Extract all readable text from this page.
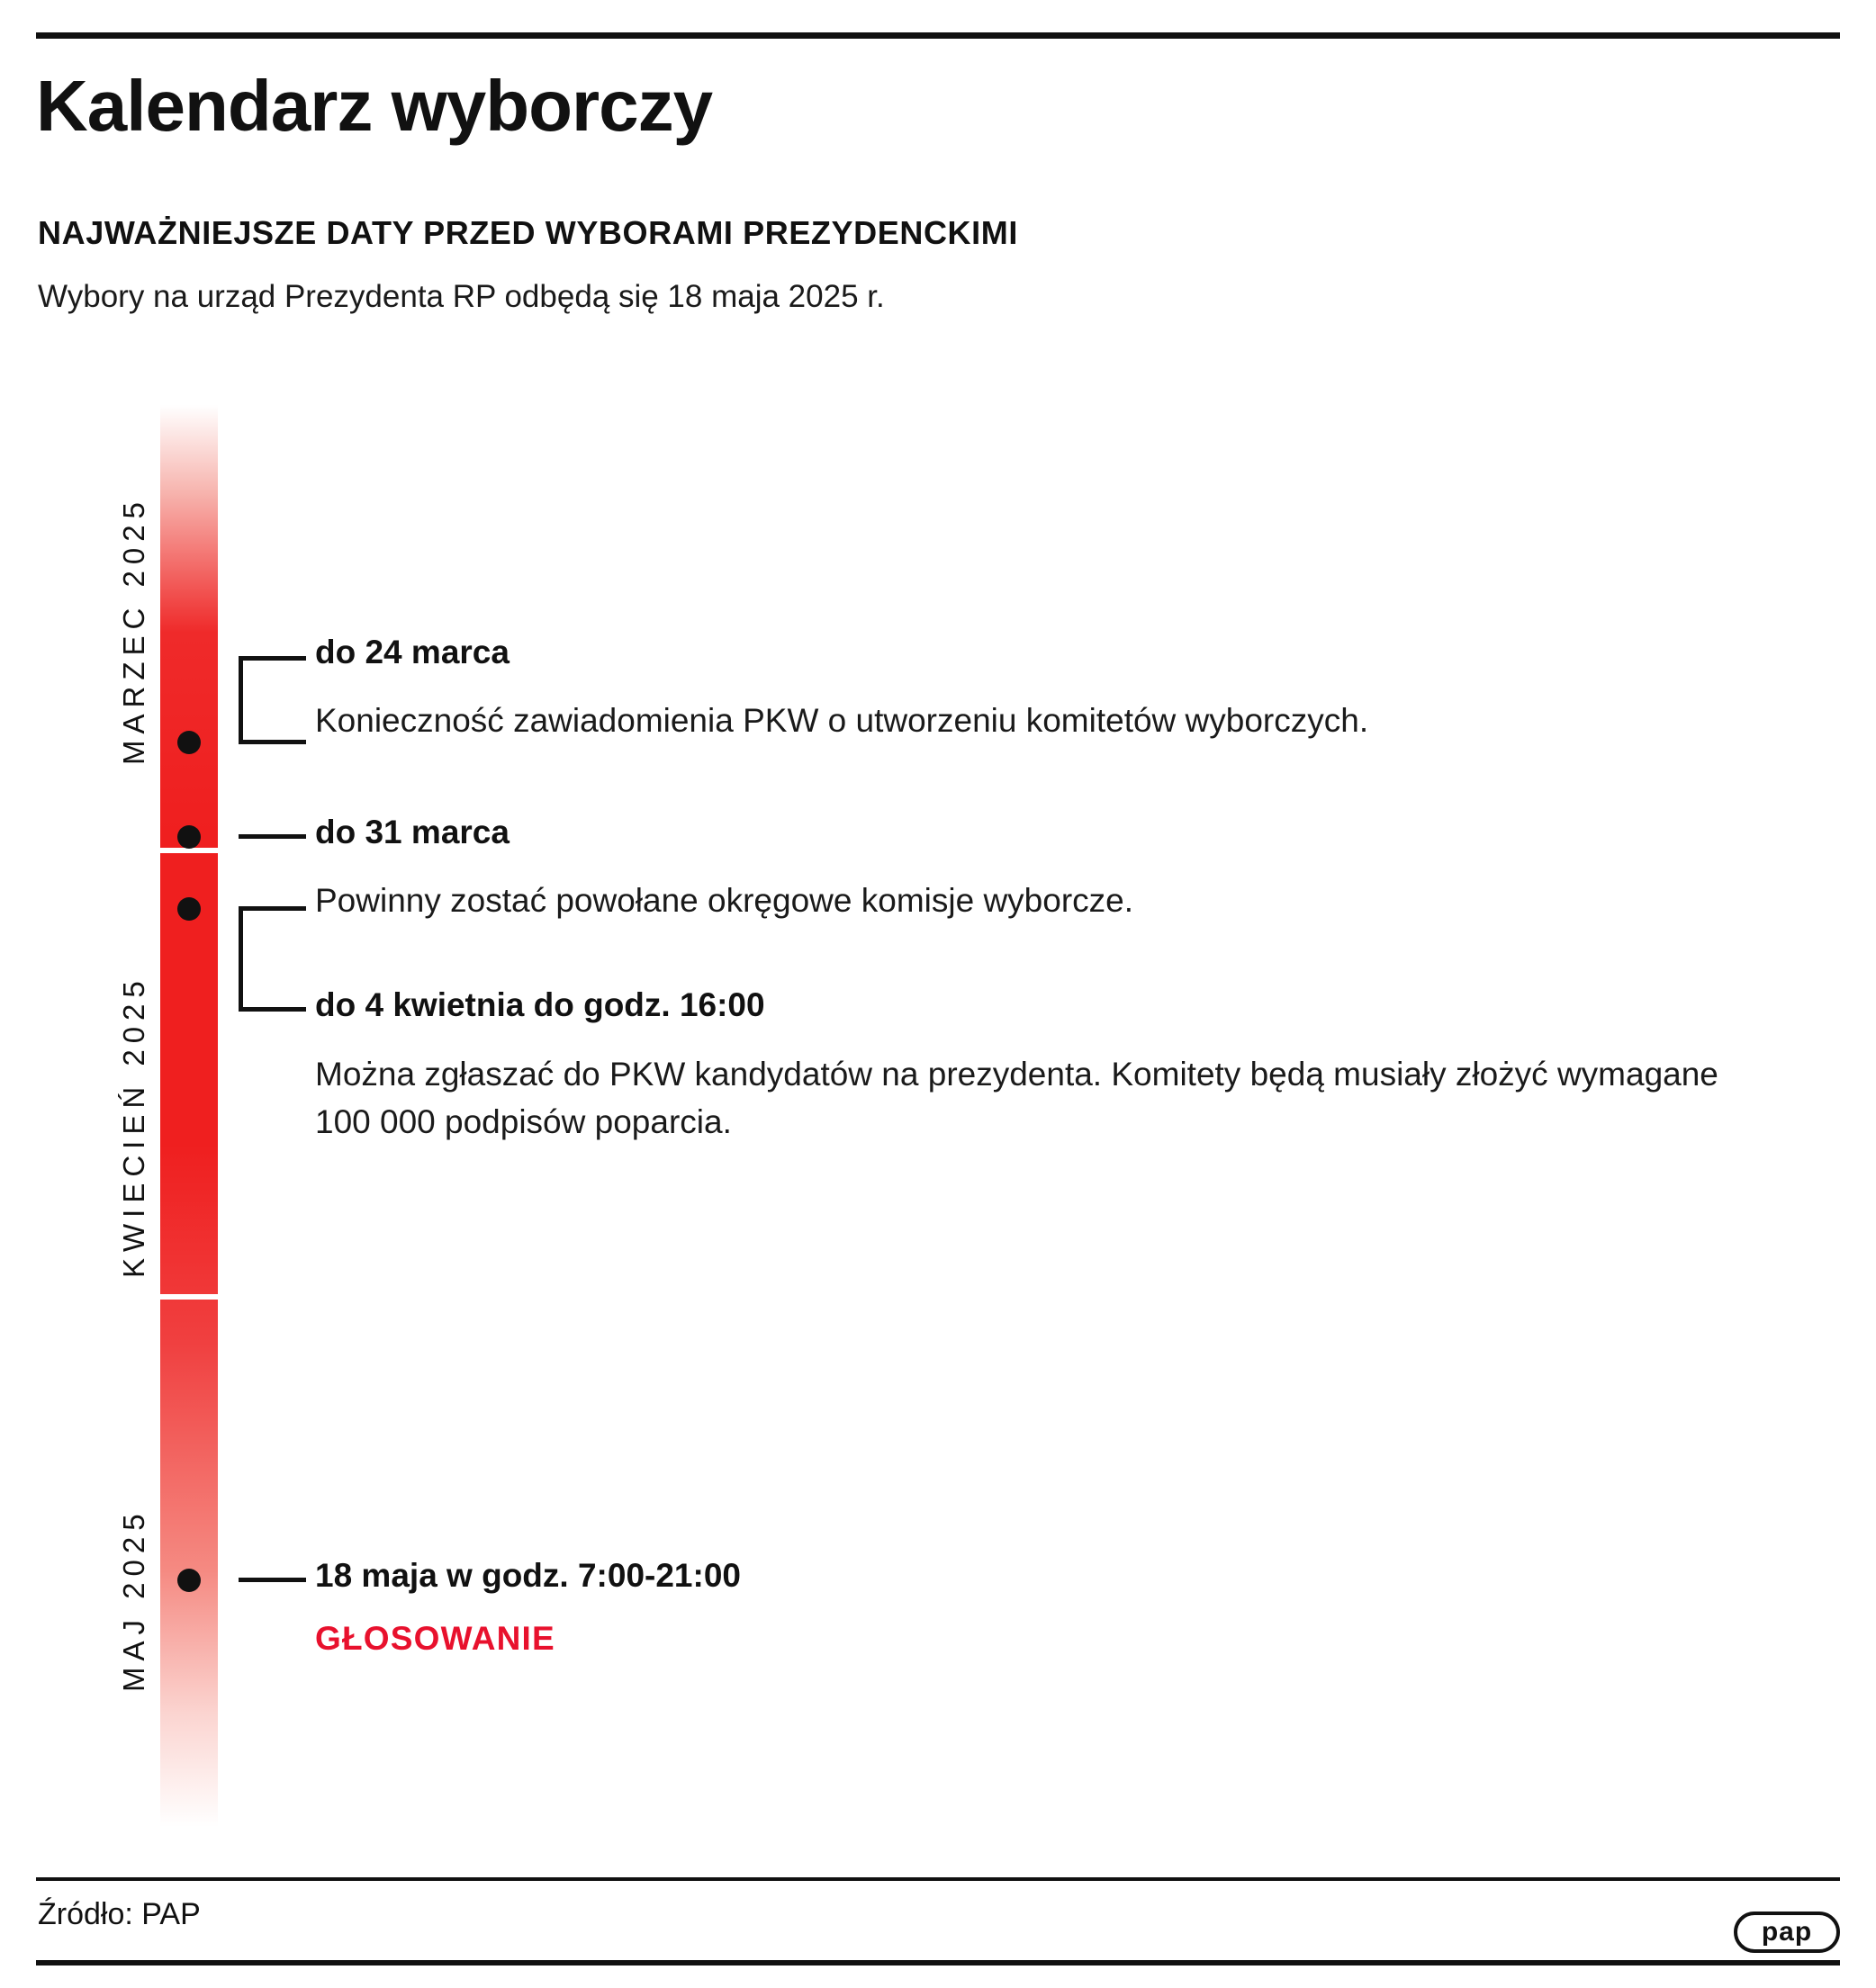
Kalendarz wyborczy
NAJWAŻNIEJSZE DATY PRZED WYBORAMI PREZYDENCKIMI
Wybory na urząd Prezydenta RP odbędą się 18 maja 2025 r.
MARZEC 2025
KWIECIEŃ 2025
MAJ 2025
do 24 marca
Konieczność zawiadomienia PKW o utworzeniu komitetów wyborczych.
do 31 marca
Powinny zostać powołane okręgowe komisje wyborcze.
do 4 kwietnia do godz. 16:00
Można zgłaszać do PKW kandydatów na prezydenta. Komitety będą musiały złożyć wymagane 100 000 podpisów poparcia.
18 maja w godz. 7:00-21:00
GŁOSOWANIE
Źródło: PAP
pap
